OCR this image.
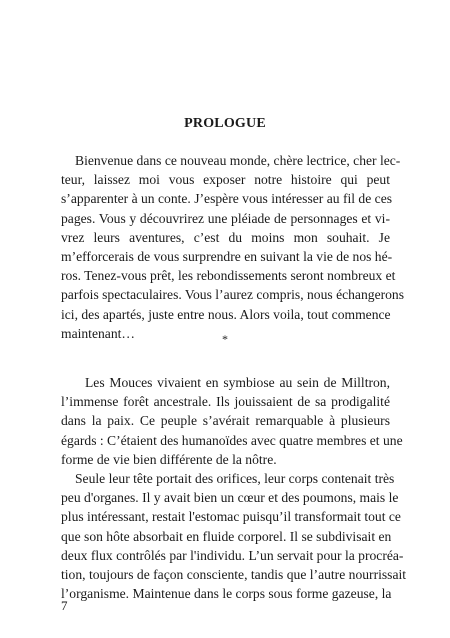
PROLOGUE
Bienvenue dans ce nouveau monde, chère lectrice, cher lec-
teur, laissez moi vous exposer notre histoire qui peut
s’apparenter à un conte. J’espère vous intéresser au fil de ces
pages. Vous y découvrirez une pléiade de personnages et vi-
vrez leurs aventures, c’est du moins mon souhait. Je
m’efforcerais de vous surprendre en suivant la vie de nos hé-
ros. Tenez-vous prêt, les rebondissements seront nombreux et
parfois spectaculaires. Vous l’aurez compris, nous échangerons
ici, des apartés, juste entre nous. Alors voila, tout commence
maintenant…	*
Les Mouces vivaient en symbiose au sein de Milltron,
l’immense forêt ancestrale. Ils jouissaient de sa prodigalité
dans la paix. Ce peuple s’avérait remarquable à plusieurs
égards : C’étaient des humanoïdes avec quatre membres et une
forme de vie bien différente de la nôtre.
Seule leur tête portait des orifices, leur corps contenait très
peu d'organes. Il y avait bien un cœur et des poumons, mais le
plus intéressant, restait l'estomac puisqu’il transformait tout ce
que son hôte absorbait en fluide corporel. Il se subdivisait en
deux flux contrôlés par l'individu. L’un servait pour la procréa-
tion, toujours de façon consciente, tandis que l’autre nourrissait
l’organisme. Maintenue dans le corps sous forme gazeuse, la
7
